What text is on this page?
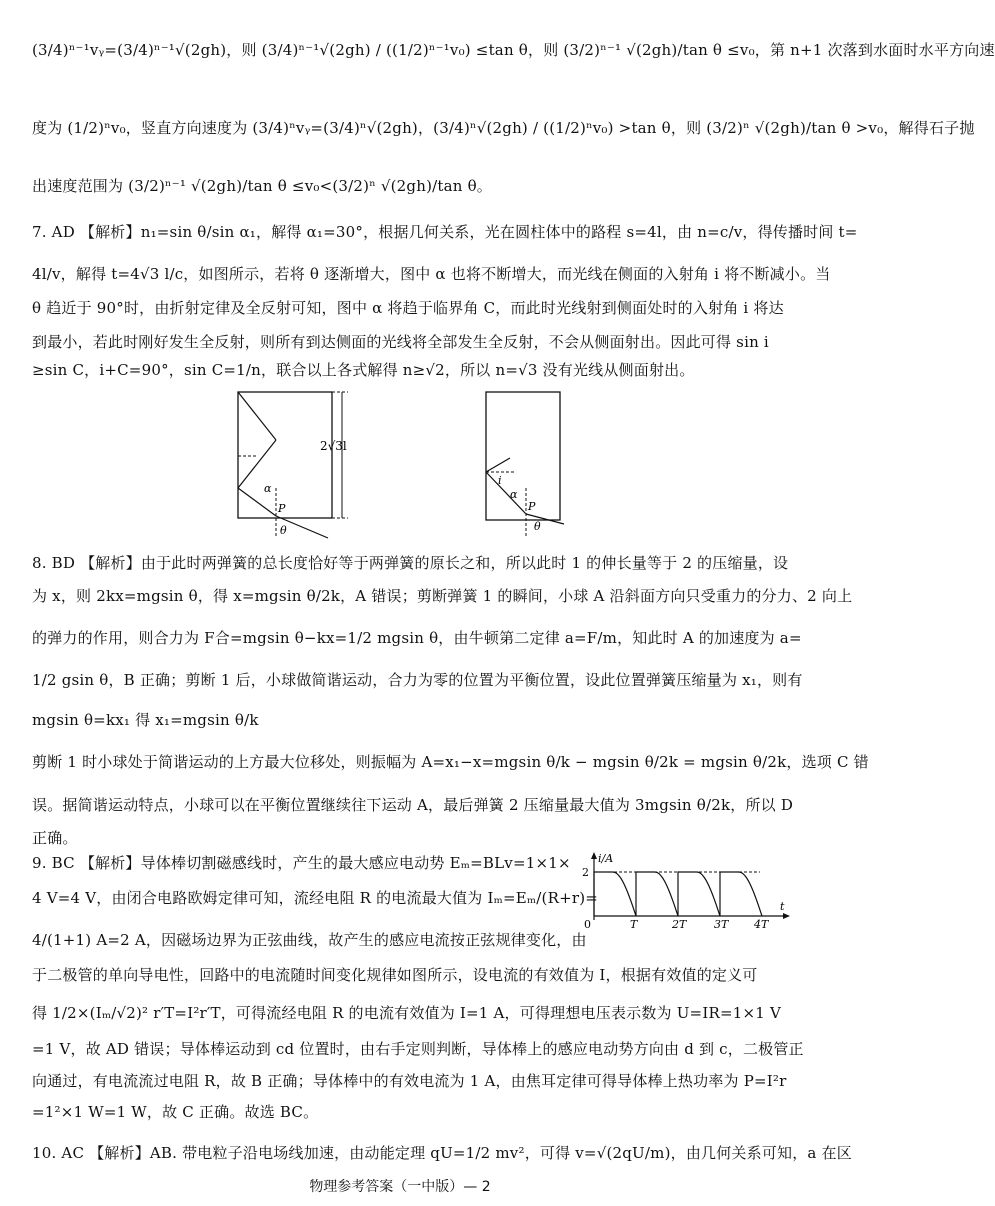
(3/4)ⁿ⁻¹vᵧ=(3/4)ⁿ⁻¹√(2gh)，则 (3/4)ⁿ⁻¹√(2gh) / ((1/2)ⁿ⁻¹v₀) ≤tan θ，则 (3/2)ⁿ⁻¹ √(2gh)/tan θ ≤v₀，第 n+1 次落到水面时水平方向速
度为 (1/2)ⁿv₀，竖直方向速度为 (3/4)ⁿvᵧ=(3/4)ⁿ√(2gh)，(3/4)ⁿ√(2gh) / ((1/2)ⁿv₀) >tan θ，则 (3/2)ⁿ √(2gh)/tan θ >v₀，解得石子抛
出速度范围为 (3/2)ⁿ⁻¹ √(2gh)/tan θ ≤v₀<(3/2)ⁿ √(2gh)/tan θ。
7. AD 【解析】n₁=sin θ/sin α₁，解得 α₁=30°，根据几何关系，光在圆柱体中的路程 s=4l，由 n=c/v，得传播时间 t=
4l/v，解得 t=4√3 l/c，如图所示，若将 θ 逐渐增大，图中 α 也将不断增大，而光线在侧面的入射角 i 将不断减小。当
θ 趋近于 90°时，由折射定律及全反射可知，图中 α 将趋于临界角 C，而此时光线射到侧面处时的入射角 i 将达
到最小，若此时刚好发生全反射，则所有到达侧面的光线将全部发生全反射，不会从侧面射出。因此可得 sin i
≥sin C，i+C=90°，sin C=1/n，联合以上各式解得 n≥√2，所以 n=√3 没有光线从侧面射出。
2√3l
α
P
θ
i
α
P
θ
8. BD 【解析】由于此时两弹簧的总长度恰好等于两弹簧的原长之和，所以此时 1 的伸长量等于 2 的压缩量，设
为 x，则 2kx=mgsin θ，得 x=mgsin θ/2k，A 错误；剪断弹簧 1 的瞬间，小球 A 沿斜面方向只受重力的分力、2 向上
的弹力的作用，则合力为 F合=mgsin θ−kx=1/2 mgsin θ，由牛顿第二定律 a=F/m，知此时 A 的加速度为 a=
1/2 gsin θ，B 正确；剪断 1 后，小球做简谐运动，合力为零的位置为平衡位置，设此位置弹簧压缩量为 x₁，则有
mgsin θ=kx₁ 得 x₁=mgsin θ/k
剪断 1 时小球处于简谐运动的上方最大位移处，则振幅为 A=x₁−x=mgsin θ/k − mgsin θ/2k = mgsin θ/2k，选项 C 错
误。据简谐运动特点，小球可以在平衡位置继续往下运动 A，最后弹簧 2 压缩量最大值为 3mgsin θ/2k，所以 D
正确。
9. BC 【解析】导体棒切割磁感线时，产生的最大感应电动势 Eₘ=BLv=1×1×
4 V=4 V，由闭合电路欧姆定律可知，流经电阻 R 的电流最大值为 Iₘ=Eₘ/(R+r)=
4/(1+1) A=2 A，因磁场边界为正弦曲线，故产生的感应电流按正弦规律变化，由
i/A
2
0
t
T	2T	3T 4T
于二极管的单向导电性，回路中的电流随时间变化规律如图所示，设电流的有效值为 I，根据有效值的定义可
得 1/2×(Iₘ/√2)² r′T=I²r′T，可得流经电阻 R 的电流有效值为 I=1 A，可得理想电压表示数为 U=IR=1×1 V
=1 V，故 AD 错误；导体棒运动到 cd 位置时，由右手定则判断，导体棒上的感应电动势方向由 d 到 c，二极管正
向通过，有电流流过电阻 R，故 B 正确；导体棒中的有效电流为 1 A，由焦耳定律可得导体棒上热功率为 P=I²r
=1²×1 W=1 W，故 C 正确。故选 BC。
10. AC 【解析】AB. 带电粒子沿电场线加速，由动能定理 qU=1/2 mv²，可得 v=√(2qU/m)，由几何关系可知，a 在区
物理参考答案（一中版）— 2
